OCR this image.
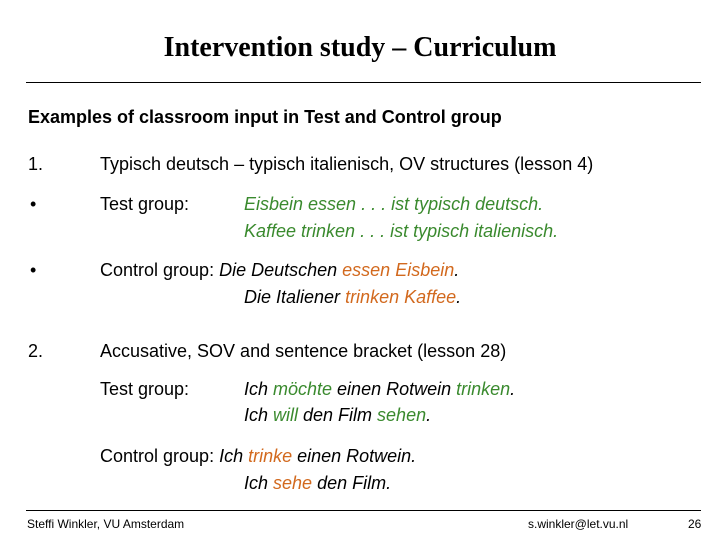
Intervention study – Curriculum
Examples of classroom input in Test and Control group
1.	Typisch deutsch – typisch italienisch, OV structures (lesson 4)
•	Test group:	Eisbein essen . . . ist typisch deutsch.
Kaffee trinken . . . ist typisch italienisch.
•	Control group: Die Deutschen essen Eisbein.
Die Italiener trinken Kaffee.
2.	Accusative, SOV and sentence bracket (lesson 28)
Test group:	Ich möchte einen Rotwein trinken.
Ich will den Film sehen.
Control group: Ich trinke einen Rotwein.
Ich sehe den Film.
Steffi Winkler, VU Amsterdam	s.winkler@let.vu.nl	26
